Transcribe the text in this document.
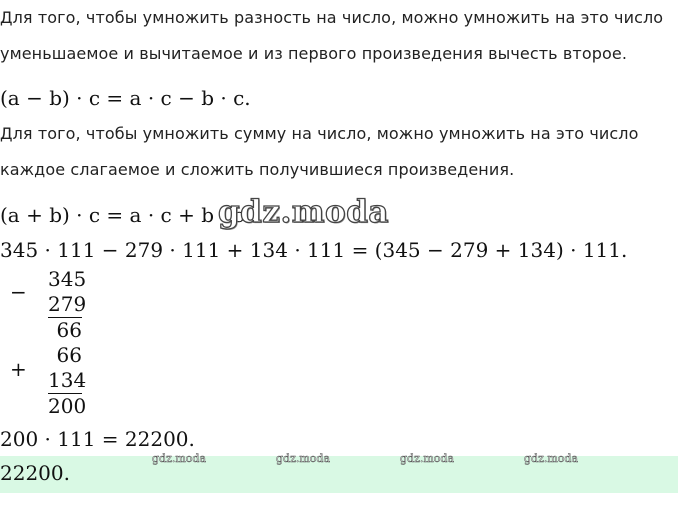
Для того, чтобы умножить разность на число, можно умножить на это число
уменьшаемое и вычитаемое и из первого произведения вычесть второе.
(a − b) · c = a · c − b · c.
Для того, чтобы умножить сумму на число, можно умножить на это число
каждое слагаемое и сложить получившиеся произведения.
(a + b) · c = a · c + b · c.
gdz.moda
345 · 111 − 279 · 111 + 134 · 111 = (345 − 279 + 134) · 111.
−
345
279
66
+
66
134
200
200 · 111 = 22200.
22200.
gdz.moda	gdz.moda	gdz.moda	gdz.moda
